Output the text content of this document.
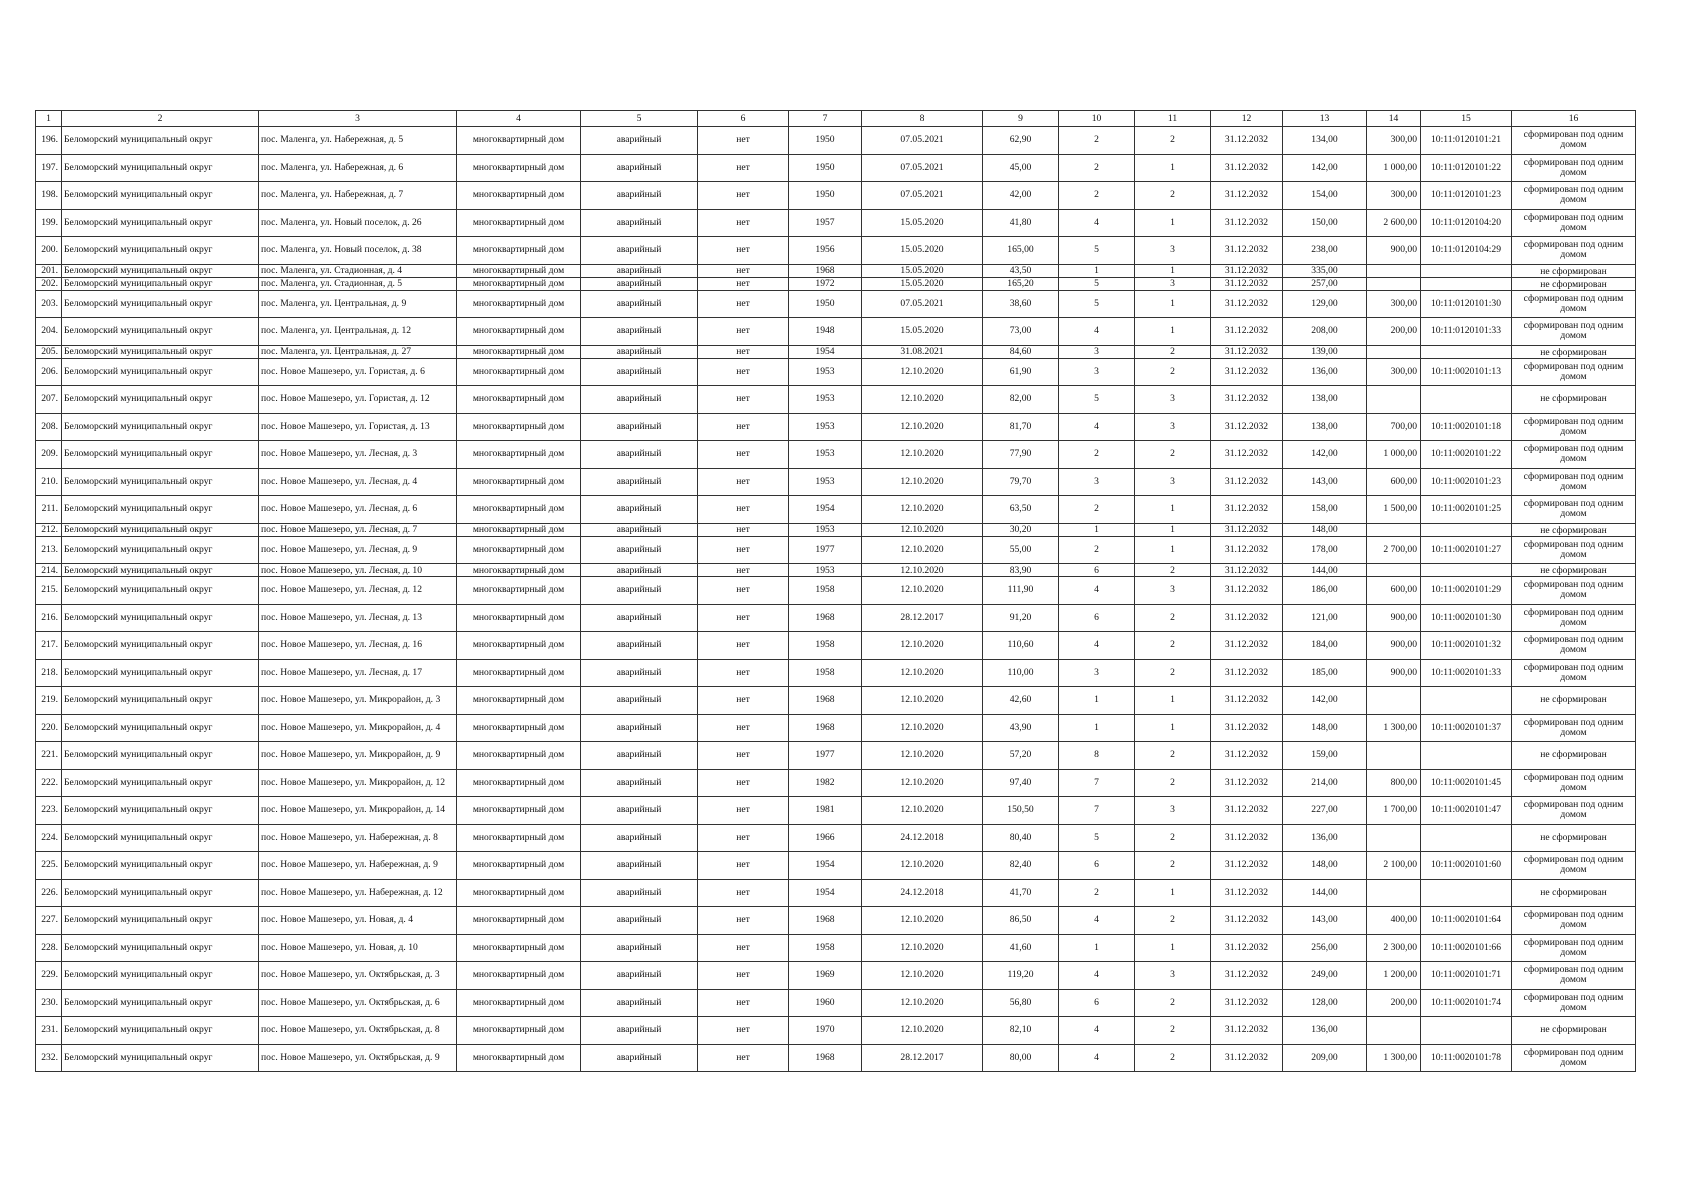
1	2	3	4	5	6	7	8	9	10	11	12	13	14	15	16
196.	Беломорский муниципальный округ	пос. Маленга, ул. Набережная, д. 5	многоквартирный дом	аварийный	нет	1950	07.05.2021	62,90	2	2	31.12.2032	134,00	300,00	10:11:0120101:21	сформирован под одним домом
197.	Беломорский муниципальный округ	пос. Маленга, ул. Набережная, д. 6	многоквартирный дом	аварийный	нет	1950	07.05.2021	45,00	2	1	31.12.2032	142,00	1 000,00	10:11:0120101:22	сформирован под одним домом
198.	Беломорский муниципальный округ	пос. Маленга, ул. Набережная, д. 7	многоквартирный дом	аварийный	нет	1950	07.05.2021	42,00	2	2	31.12.2032	154,00	300,00	10:11:0120101:23	сформирован под одним домом
199.	Беломорский муниципальный округ	пос. Маленга, ул. Новый поселок, д. 26	многоквартирный дом	аварийный	нет	1957	15.05.2020	41,80	4	1	31.12.2032	150,00	2 600,00	10:11:0120104:20	сформирован под одним домом
200.	Беломорский муниципальный округ	пос. Маленга, ул. Новый поселок, д. 38	многоквартирный дом	аварийный	нет	1956	15.05.2020	165,00	5	3	31.12.2032	238,00	900,00	10:11:0120104:29	сформирован под одним домом
201.	Беломорский муниципальный округ	пос. Маленга, ул. Стадионная, д. 4	многоквартирный дом	аварийный	нет	1968	15.05.2020	43,50	1	1	31.12.2032	335,00			не сформирован
202.	Беломорский муниципальный округ	пос. Маленга, ул. Стадионная, д. 5	многоквартирный дом	аварийный	нет	1972	15.05.2020	165,20	5	3	31.12.2032	257,00			не сформирован
203.	Беломорский муниципальный округ	пос. Маленга, ул. Центральная, д. 9	многоквартирный дом	аварийный	нет	1950	07.05.2021	38,60	5	1	31.12.2032	129,00	300,00	10:11:0120101:30	сформирован под одним домом
204.	Беломорский муниципальный округ	пос. Маленга, ул. Центральная, д. 12	многоквартирный дом	аварийный	нет	1948	15.05.2020	73,00	4	1	31.12.2032	208,00	200,00	10:11:0120101:33	сформирован под одним домом
205.	Беломорский муниципальный округ	пос. Маленга, ул. Центральная, д. 27	многоквартирный дом	аварийный	нет	1954	31.08.2021	84,60	3	2	31.12.2032	139,00			не сформирован
206.	Беломорский муниципальный округ	пос. Новое Машезеро, ул. Гористая, д. 6	многоквартирный дом	аварийный	нет	1953	12.10.2020	61,90	3	2	31.12.2032	136,00	300,00	10:11:0020101:13	сформирован под одним домом
207.	Беломорский муниципальный округ	пос. Новое Машезеро, ул. Гористая, д. 12	многоквартирный дом	аварийный	нет	1953	12.10.2020	82,00	5	3	31.12.2032	138,00			не сформирован
208.	Беломорский муниципальный округ	пос. Новое Машезеро, ул. Гористая, д. 13	многоквартирный дом	аварийный	нет	1953	12.10.2020	81,70	4	3	31.12.2032	138,00	700,00	10:11:0020101:18	сформирован под одним домом
209.	Беломорский муниципальный округ	пос. Новое Машезеро, ул. Лесная, д. 3	многоквартирный дом	аварийный	нет	1953	12.10.2020	77,90	2	2	31.12.2032	142,00	1 000,00	10:11:0020101:22	сформирован под одним домом
210.	Беломорский муниципальный округ	пос. Новое Машезеро, ул. Лесная, д. 4	многоквартирный дом	аварийный	нет	1953	12.10.2020	79,70	3	3	31.12.2032	143,00	600,00	10:11:0020101:23	сформирован под одним домом
211.	Беломорский муниципальный округ	пос. Новое Машезеро, ул. Лесная, д. 6	многоквартирный дом	аварийный	нет	1954	12.10.2020	63,50	2	1	31.12.2032	158,00	1 500,00	10:11:0020101:25	сформирован под одним домом
212.	Беломорский муниципальный округ	пос. Новое Машезеро, ул. Лесная, д. 7	многоквартирный дом	аварийный	нет	1953	12.10.2020	30,20	1	1	31.12.2032	148,00			не сформирован
213.	Беломорский муниципальный округ	пос. Новое Машезеро, ул. Лесная, д. 9	многоквартирный дом	аварийный	нет	1977	12.10.2020	55,00	2	1	31.12.2032	178,00	2 700,00	10:11:0020101:27	сформирован под одним домом
214.	Беломорский муниципальный округ	пос. Новое Машезеро, ул. Лесная, д. 10	многоквартирный дом	аварийный	нет	1953	12.10.2020	83,90	6	2	31.12.2032	144,00			не сформирован
215.	Беломорский муниципальный округ	пос. Новое Машезеро, ул. Лесная, д. 12	многоквартирный дом	аварийный	нет	1958	12.10.2020	111,90	4	3	31.12.2032	186,00	600,00	10:11:0020101:29	сформирован под одним домом
216.	Беломорский муниципальный округ	пос. Новое Машезеро, ул. Лесная, д. 13	многоквартирный дом	аварийный	нет	1968	28.12.2017	91,20	6	2	31.12.2032	121,00	900,00	10:11:0020101:30	сформирован под одним домом
217.	Беломорский муниципальный округ	пос. Новое Машезеро, ул. Лесная, д. 16	многоквартирный дом	аварийный	нет	1958	12.10.2020	110,60	4	2	31.12.2032	184,00	900,00	10:11:0020101:32	сформирован под одним домом
218.	Беломорский муниципальный округ	пос. Новое Машезеро, ул. Лесная, д. 17	многоквартирный дом	аварийный	нет	1958	12.10.2020	110,00	3	2	31.12.2032	185,00	900,00	10:11:0020101:33	сформирован под одним домом
219.	Беломорский муниципальный округ	пос. Новое Машезеро, ул. Микрорайон, д. 3	многоквартирный дом	аварийный	нет	1968	12.10.2020	42,60	1	1	31.12.2032	142,00			не сформирован
220.	Беломорский муниципальный округ	пос. Новое Машезеро, ул. Микрорайон, д. 4	многоквартирный дом	аварийный	нет	1968	12.10.2020	43,90	1	1	31.12.2032	148,00	1 300,00	10:11:0020101:37	сформирован под одним домом
221.	Беломорский муниципальный округ	пос. Новое Машезеро, ул. Микрорайон, д. 9	многоквартирный дом	аварийный	нет	1977	12.10.2020	57,20	8	2	31.12.2032	159,00			не сформирован
222.	Беломорский муниципальный округ	пос. Новое Машезеро, ул. Микрорайон, д. 12	многоквартирный дом	аварийный	нет	1982	12.10.2020	97,40	7	2	31.12.2032	214,00	800,00	10:11:0020101:45	сформирован под одним домом
223.	Беломорский муниципальный округ	пос. Новое Машезеро, ул. Микрорайон, д. 14	многоквартирный дом	аварийный	нет	1981	12.10.2020	150,50	7	3	31.12.2032	227,00	1 700,00	10:11:0020101:47	сформирован под одним домом
224.	Беломорский муниципальный округ	пос. Новое Машезеро, ул. Набережная, д. 8	многоквартирный дом	аварийный	нет	1966	24.12.2018	80,40	5	2	31.12.2032	136,00			не сформирован
225.	Беломорский муниципальный округ	пос. Новое Машезеро, ул. Набережная, д. 9	многоквартирный дом	аварийный	нет	1954	12.10.2020	82,40	6	2	31.12.2032	148,00	2 100,00	10:11:0020101:60	сформирован под одним домом
226.	Беломорский муниципальный округ	пос. Новое Машезеро, ул. Набережная, д. 12	многоквартирный дом	аварийный	нет	1954	24.12.2018	41,70	2	1	31.12.2032	144,00			не сформирован
227.	Беломорский муниципальный округ	пос. Новое Машезеро, ул. Новая, д. 4	многоквартирный дом	аварийный	нет	1968	12.10.2020	86,50	4	2	31.12.2032	143,00	400,00	10:11:0020101:64	сформирован под одним домом
228.	Беломорский муниципальный округ	пос. Новое Машезеро, ул. Новая, д. 10	многоквартирный дом	аварийный	нет	1958	12.10.2020	41,60	1	1	31.12.2032	256,00	2 300,00	10:11:0020101:66	сформирован под одним домом
229.	Беломорский муниципальный округ	пос. Новое Машезеро, ул. Октябрьская, д. 3	многоквартирный дом	аварийный	нет	1969	12.10.2020	119,20	4	3	31.12.2032	249,00	1 200,00	10:11:0020101:71	сформирован под одним домом
230.	Беломорский муниципальный округ	пос. Новое Машезеро, ул. Октябрьская, д. 6	многоквартирный дом	аварийный	нет	1960	12.10.2020	56,80	6	2	31.12.2032	128,00	200,00	10:11:0020101:74	сформирован под одним домом
231.	Беломорский муниципальный округ	пос. Новое Машезеро, ул. Октябрьская, д. 8	многоквартирный дом	аварийный	нет	1970	12.10.2020	82,10	4	2	31.12.2032	136,00			не сформирован
232.	Беломорский муниципальный округ	пос. Новое Машезеро, ул. Октябрьская, д. 9	многоквартирный дом	аварийный	нет	1968	28.12.2017	80,00	4	2	31.12.2032	209,00	1 300,00	10:11:0020101:78	сформирован под одним домом
